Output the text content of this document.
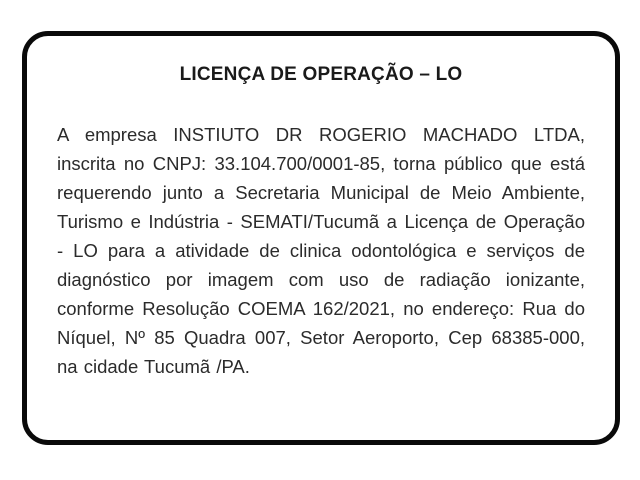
LICENÇA DE OPERAÇÃO – LO
A empresa INSTIUTO DR ROGERIO MACHADO LTDA, inscrita no CNPJ: 33.104.700/0001-85, torna público que está requerendo junto a Secretaria Municipal de Meio Ambiente, Turismo e Indústria - SEMATI/Tucumã a Licença de Operação - LO para a atividade de clinica odontológica e serviços de diagnóstico por imagem com uso de radiação ionizante, conforme Resolução COEMA 162/2021, no endereço: Rua do Níquel, Nº 85 Quadra 007, Setor Aeroporto, Cep 68385-000, na cidade Tucumã /PA.
